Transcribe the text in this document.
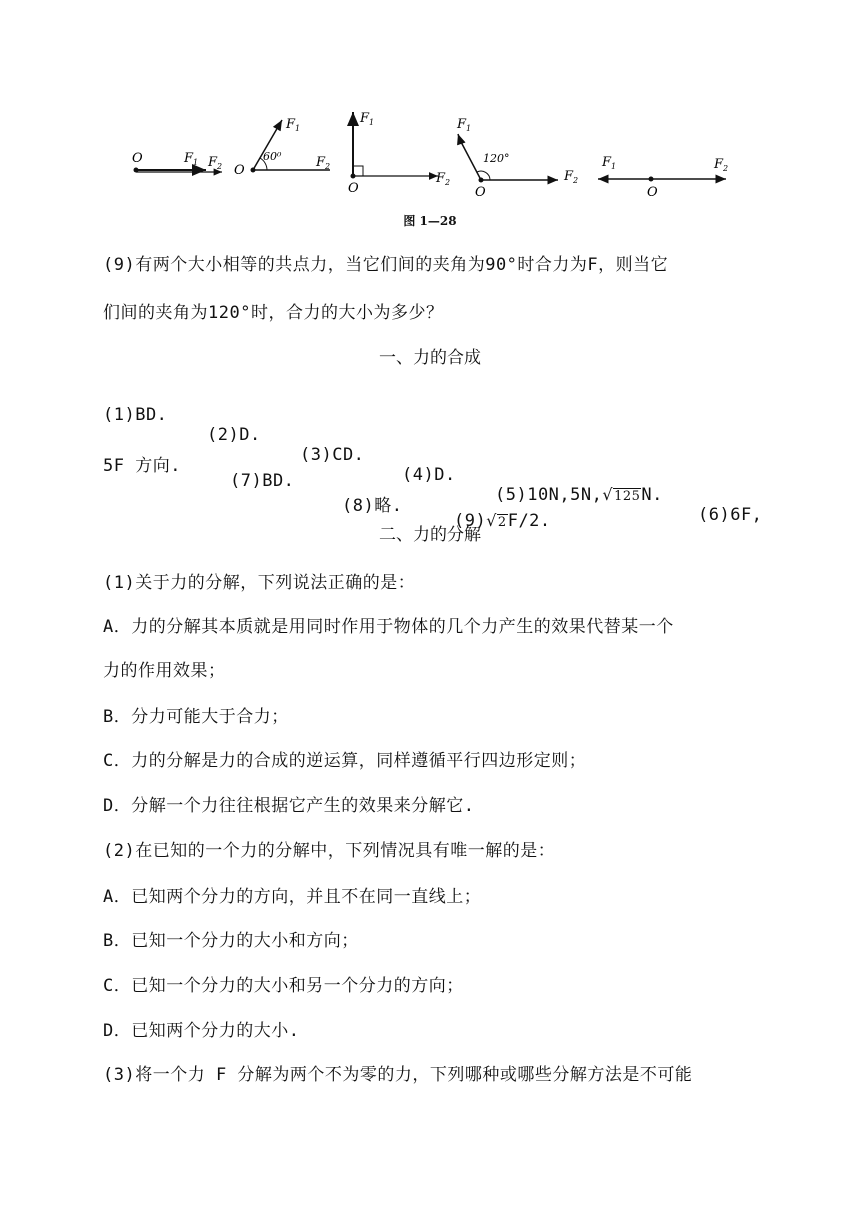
O	$F_1$ $F_2$ O
$F_1$
60⁰	$F_2$
O
$F_1$
$F_2$
O
$F_1$
120°
$F_2$
O
$F_1$	$F_2$
图 1—28
(9)有两个大小相等的共点力，当它们间的夹角为90°时合力为F，则当它
们间的夹角为120°时，合力的大小为多少？
一、力的合成

(1)BD.

(2)D.

(3)CD.

(4)D.

(5)10N,5N,√125N.

(6)6F,

5F 方向.

(7)BD.

(8)略.

(9)√2F/2.

二、力的分解
(1)关于力的分解，下列说法正确的是：
A．力的分解其本质就是用同时作用于物体的几个力产生的效果代替某一个
力的作用效果；
B．分力可能大于合力；
C．力的分解是力的合成的逆运算，同样遵循平行四边形定则；
D．分解一个力往往根据它产生的效果来分解它.
(2)在已知的一个力的分解中，下列情况具有唯一解的是：
A．已知两个分力的方向，并且不在同一直线上；
B．已知一个分力的大小和方向；
C．已知一个分力的大小和另一个分力的方向；
D．已知两个分力的大小.
(3)将一个力 F 分解为两个不为零的力，下列哪种或哪些分解方法是不可能
